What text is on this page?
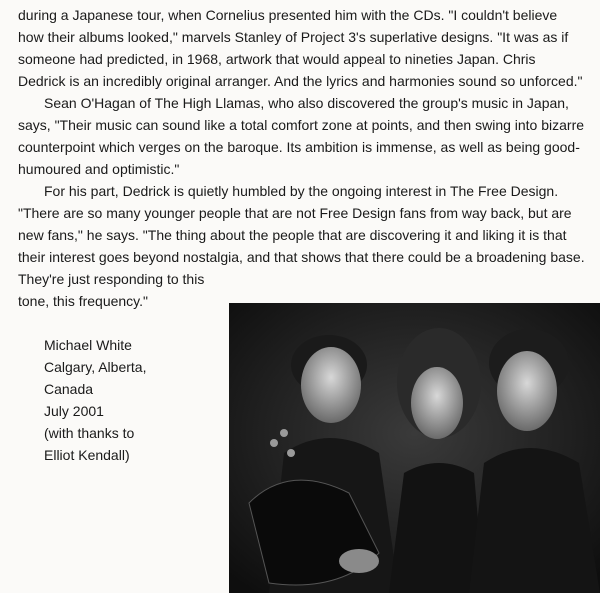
during a Japanese tour, when Cornelius presented him with the CDs. "I couldn't believe
how their albums looked," marvels Stanley of Project 3's superlative designs. "It was as if
someone had predicted, in 1968, artwork that would appeal to nineties Japan. Chris
Dedrick is an incredibly original arranger. And the lyrics and harmonies sound so unforced."
Sean O'Hagan of The High Llamas, who also discovered the group's music in Japan,
says, "Their music can sound like a total comfort zone at points, and then swing into bizarre
counterpoint which verges on the baroque. Its ambition is immense, as well as being good-
humoured and optimistic."
For his part, Dedrick is quietly humbled by the ongoing interest in The Free Design.
"There are so many younger people that are not Free Design fans from way back, but are
new fans," he says. "The thing about the people that are discovering it and liking it is that
their interest goes beyond nostalgia, and that shows that there could be a broadening base.
They're just responding to this
tone, this frequency."
Michael White
Calgary, Alberta,
Canada
July 2001
(with thanks to
Elliot Kendall)
